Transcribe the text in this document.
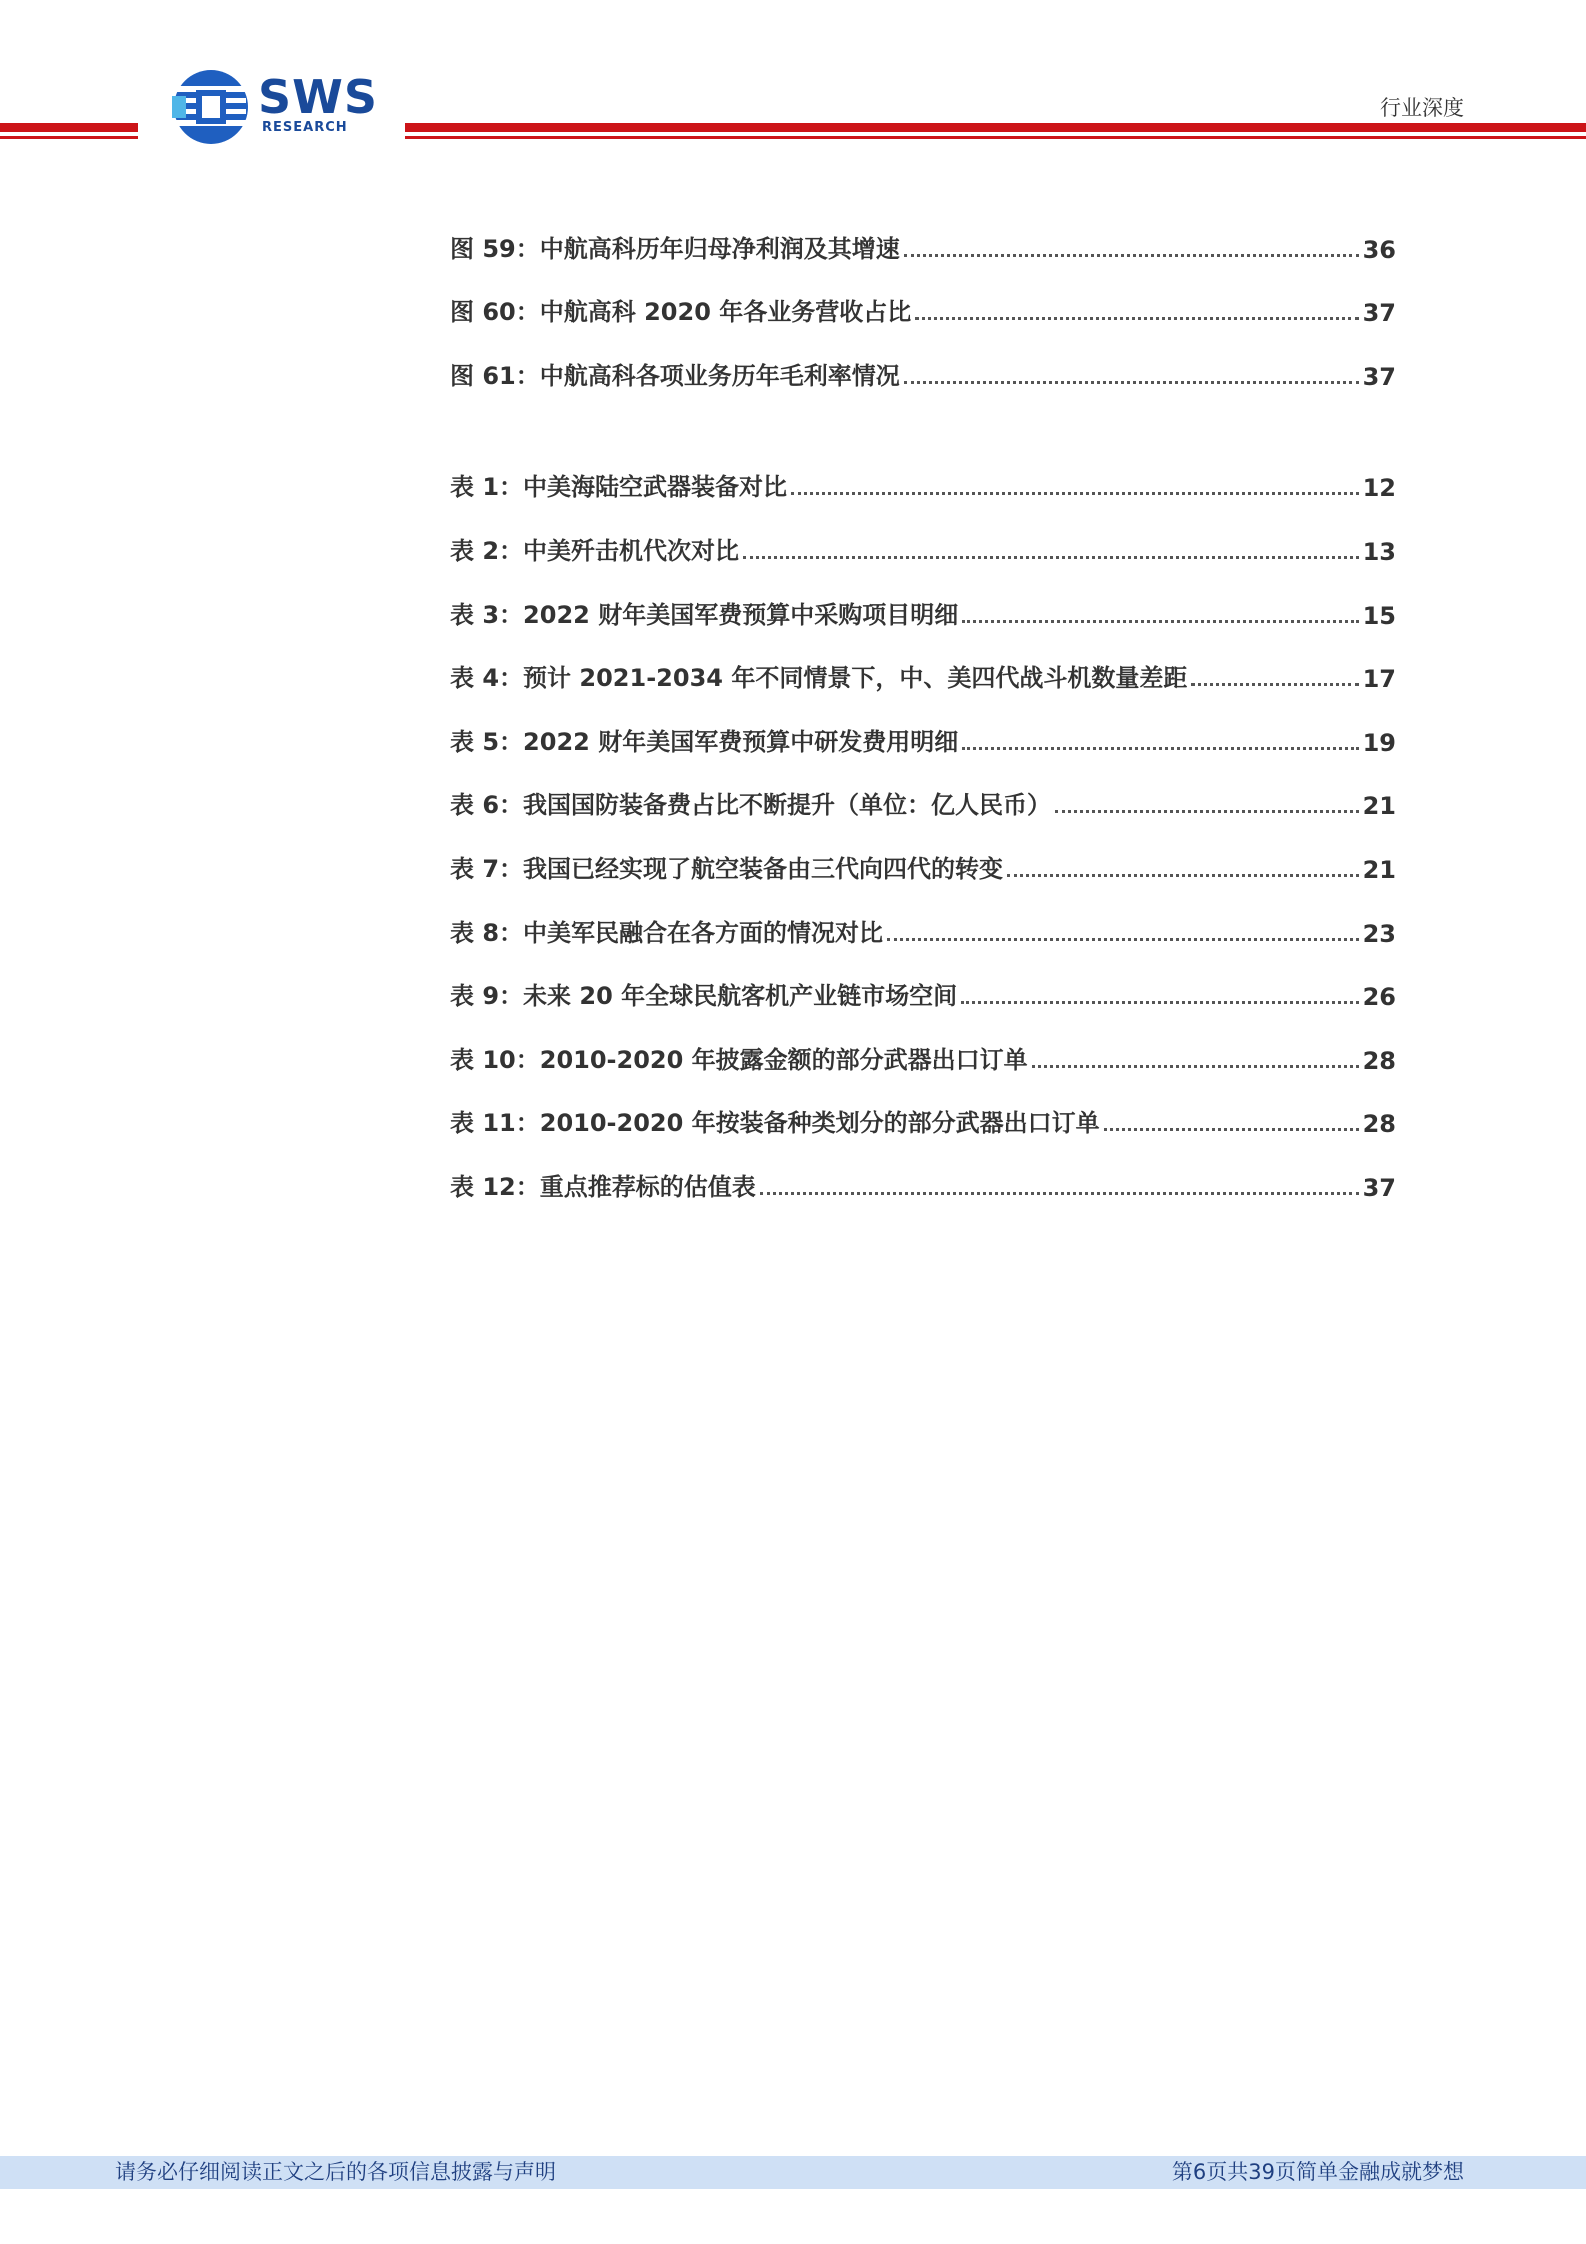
SWS
RESEARCH
行业深度
图 59：中航高科历年归母净利润及其增速	36
图 60：中航高科 2020 年各业务营收占比	37
图 61：中航高科各项业务历年毛利率情况	37
表 1：中美海陆空武器装备对比	12
表 2：中美歼击机代次对比	13
表 3：2022 财年美国军费预算中采购项目明细	15
表 4：预计 2021-2034 年不同情景下，中、美四代战斗机数量差距	17
表 5：2022 财年美国军费预算中研发费用明细	19
表 6：我国国防装备费占比不断提升（单位：亿人民币）	21
表 7：我国已经实现了航空装备由三代向四代的转变	21
表 8：中美军民融合在各方面的情况对比	23
表 9：未来 20 年全球民航客机产业链市场空间	26
表 10：2010-2020 年披露金额的部分武器出口订单	28
表 11：2010-2020 年按装备种类划分的部分武器出口订单	28
表 12：重点推荐标的估值表	37
请务必仔细阅读正文之后的各项信息披露与声明	第6页共39页简单金融成就梦想
